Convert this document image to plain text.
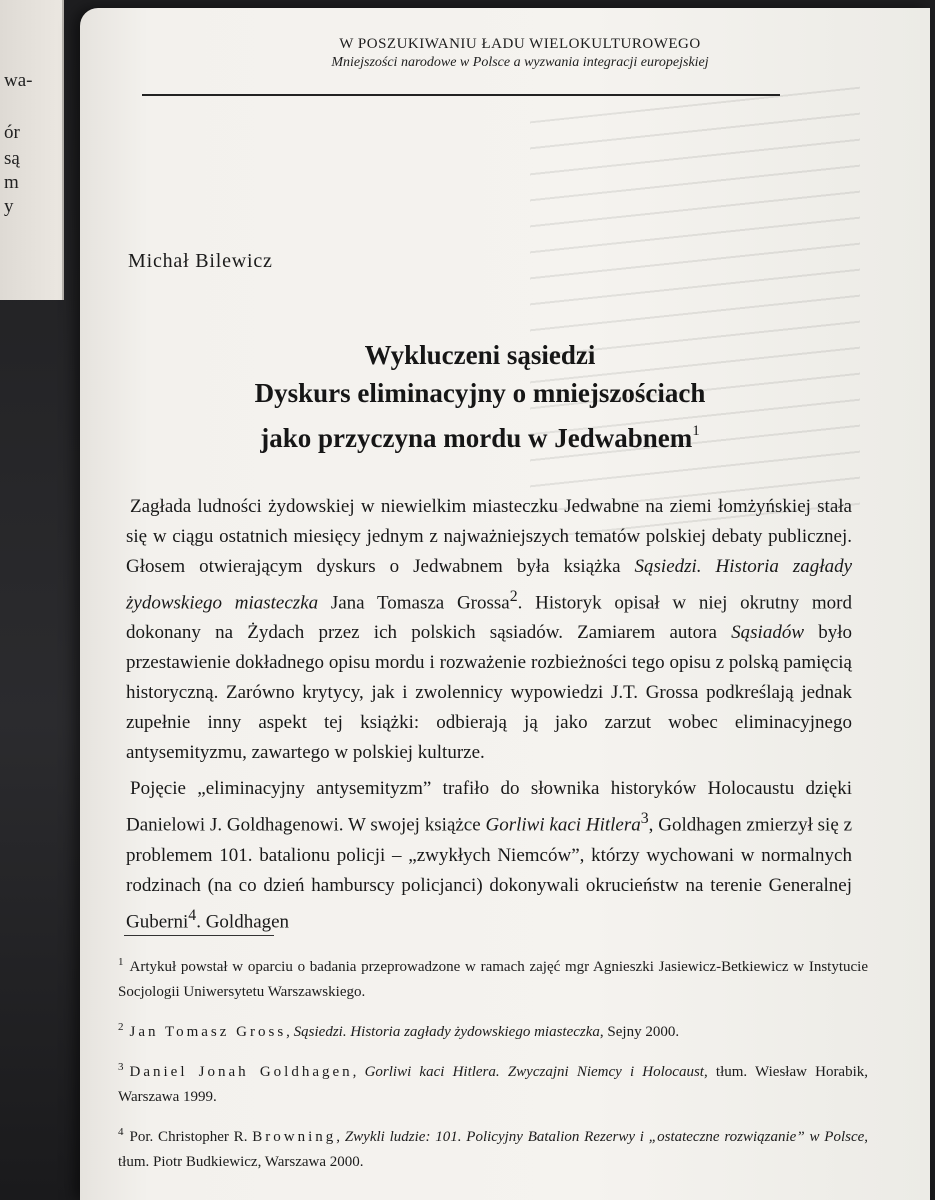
wa-
ór
są
m
y
W POSZUKIWANIU ŁADU WIELOKULTUROWEGO
Mniejszości narodowe w Polsce a wyzwania integracji europejskiej
Michał Bilewicz
Wykluczeni sąsiedzi
Dyskurs eliminacyjny o mniejszościach
jako przyczyna mordu w Jedwabnem$^1$

Zagłada ludności żydowskiej w niewielkim miasteczku Jedwabne na ziemi łomżyńskiej stała się w ciągu ostatnich miesięcy jednym z najważniejszych tematów polskiej debaty publicznej. Głosem otwierającym dyskurs o Jedwabnem była książka Sąsiedzi. Historia zagłady żydowskiego miasteczka Jana Tomasza Grossa$^2$. Historyk opisał w niej okrutny mord dokonany na Żydach przez ich polskich sąsiadów. Zamiarem autora Sąsiadów było przestawienie dokładnego opisu mordu i rozważenie rozbieżności tego opisu z polską pamięcią historyczną. Zarówno krytycy, jak i zwolennicy wypowiedzi J.T. Grossa podkreślają jednak zupełnie inny aspekt tej książki: odbierają ją jako zarzut wobec eliminacyjnego antysemityzmu, zawartego w polskiej kulturze.

Pojęcie „eliminacyjny antysemityzm” trafiło do słownika historyków Holocaustu dzięki Danielowi J. Goldhagenowi. W swojej książce Gorliwi kaci Hitlera$^3$, Goldhagen zmierzył się z problemem 101. batalionu policji – „zwykłych Niemców”, którzy wychowani w normalnych rodzinach (na co dzień hamburscy policjanci) dokonywali okrucieństw na terenie Generalnej Guberni$^4$. Goldhagen

$^1$ Artykuł powstał w oparciu o badania przeprowadzone w ramach zajęć mgr Agnieszki Jasiewicz-Betkiewicz w Instytucie Socjologii Uniwersytetu Warszawskiego.
$^2$ Jan Tomasz Gross, Sąsiedzi. Historia zagłady żydowskiego miasteczka, Sejny 2000.
$^3$ Daniel Jonah Goldhagen, Gorliwi kaci Hitlera. Zwyczajni Niemcy i Holocaust, tłum. Wiesław Horabik, Warszawa 1999.
$^4$ Por. Christopher R. Browning, Zwykli ludzie: 101. Policyjny Batalion Rezerwy i „ostateczne rozwiązanie” w Polsce, tłum. Piotr Budkiewicz, Warszawa 2000.
